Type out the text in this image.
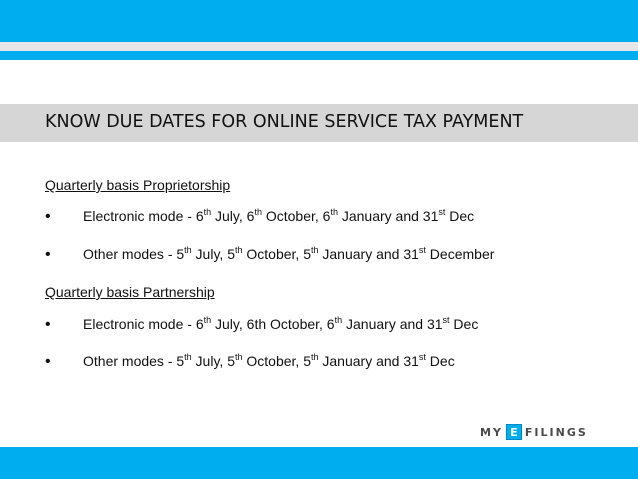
KNOW DUE DATES FOR ONLINE SERVICE TAX PAYMENT
Quarterly basis Proprietorship
• Electronic mode - 6th July, 6th October, 6th January and 31st Dec
• Other modes - 5th July, 5th October, 5th January and 31st December
Quarterly basis Partnership
• Electronic mode - 6th July, 6th October, 6th January and 31st Dec
• Other modes - 5th July, 5th October, 5th January and 31st Dec
MY E FILINGS
